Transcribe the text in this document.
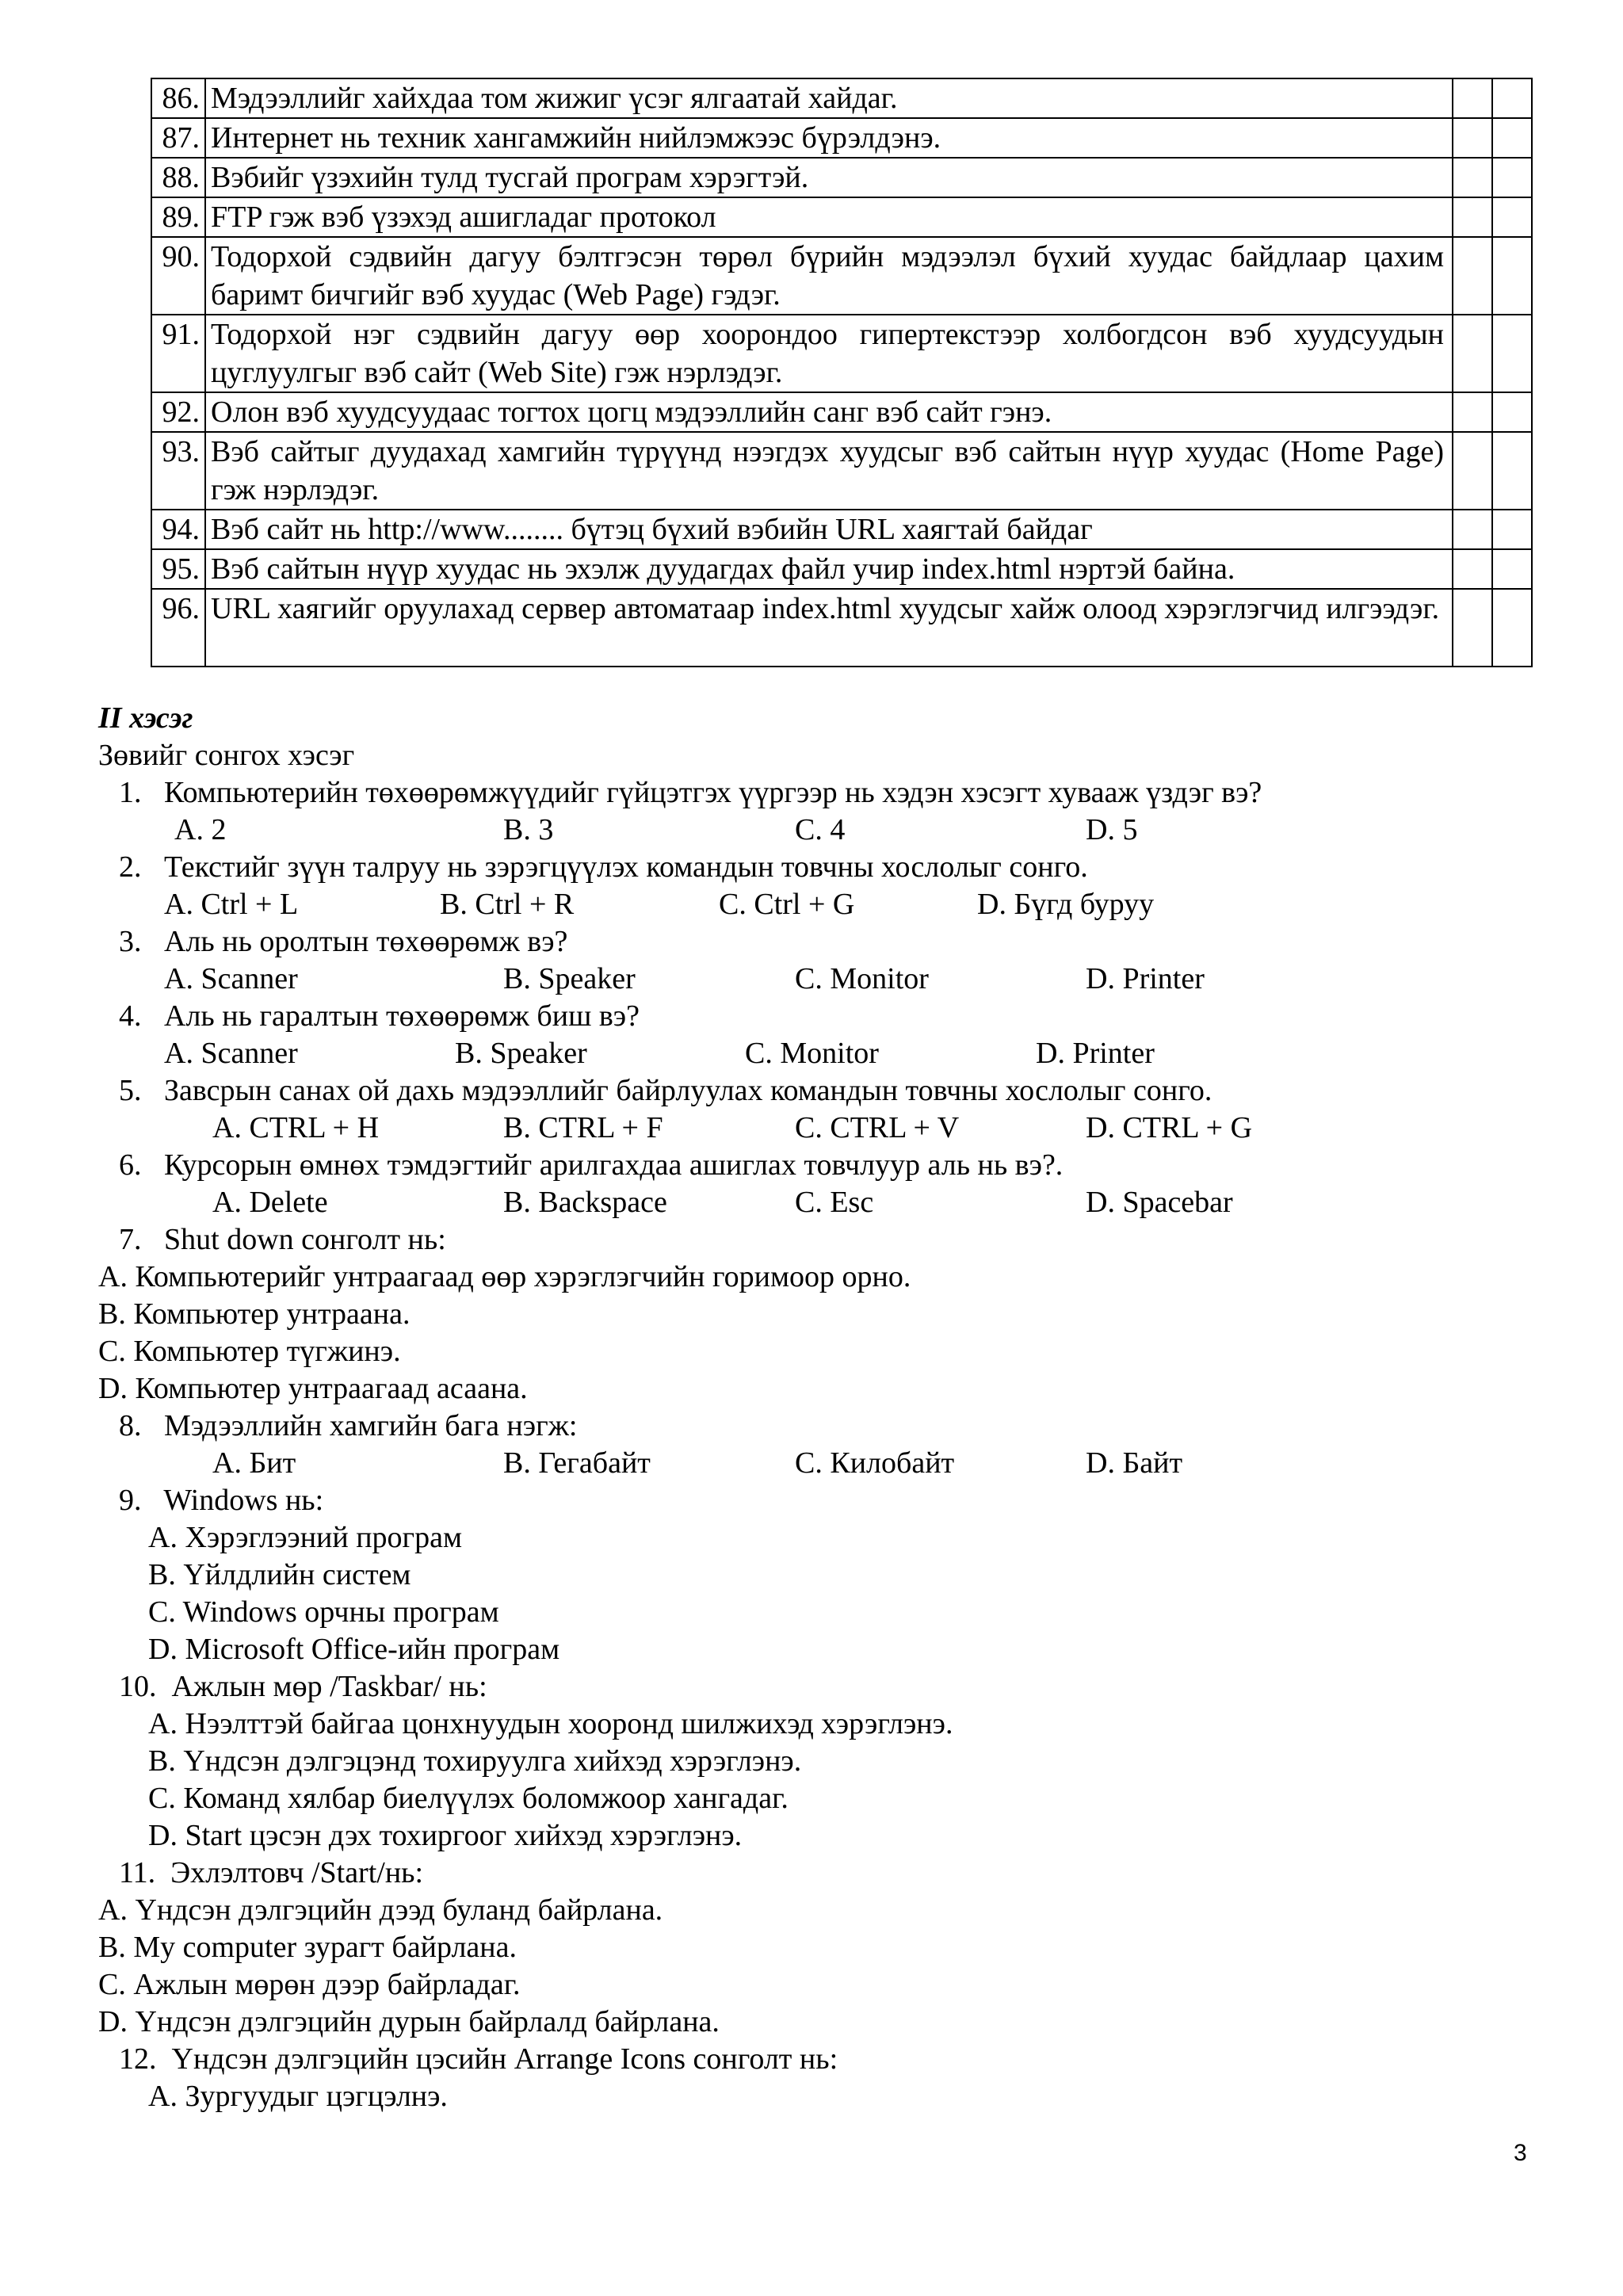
86.	Мэдээллийг хайхдаа том жижиг үсэг ялгаатай хайдаг.		
87.	Интернет нь техник хангамжийн нийлэмжээс бүрэлдэнэ.		
88.	Вэбийг үзэхийн тулд тусгай програм хэрэгтэй.		
89.	FTP гэж вэб үзэхэд ашигладаг протокол		
90.	Тодорхой сэдвийн дагуу бэлтгэсэн төрөл бүрийн мэдээлэл бүхий хуудас байдлаар цахим баримт бичгийг вэб хуудас (Web Page) гэдэг.		
91.	Тодорхой нэг сэдвийн дагуу өөр хоорондоо гипертекстээр холбогдсон вэб хуудсуудын цуглуулгыг вэб сайт (Web Site) гэж нэрлэдэг.		
92.	Олон вэб хуудсуудаас тогтох цогц мэдээллийн санг вэб сайт гэнэ.		
93.	Вэб сайтыг дуудахад хамгийн түрүүнд нээгдэх хуудсыг вэб сайтын нүүр хуудас (Home Page) гэж нэрлэдэг.		
94.	Вэб сайт нь http://www........ бүтэц бүхий вэбийн URL хаягтай байдаг		
95.	Вэб сайтын нүүр хуудас нь эхэлж дуудагдах файл учир index.html нэртэй байна.		
96.	URL хаягийг оруулахад сервер автоматаар index.html хуудсыг хайж олоод хэрэглэгчид илгээдэг.		
II хэсэг
Зөвийг сонгох хэсэг
1. Компьютерийн төхөөрөмжүүдийг гүйцэтгэх үүргээр нь хэдэн хэсэгт хувааж үздэг вэ?
A. 2	B. 3	C. 4	D. 5
2. Текстийг зүүн талруу нь зэрэгцүүлэх командын товчны хослолыг сонго.
A. Ctrl + L	B. Ctrl + R	C. Ctrl + G	D. Бүгд буруу
3. Аль нь оролтын төхөөрөмж вэ?
A. Scanner	B. Speaker	C. Monitor	D. Printer
4. Аль нь гаралтын төхөөрөмж биш вэ?
A. Scanner	B. Speaker	C. Monitor	D. Printer
5. Завсрын санах ой дахь мэдээллийг байрлуулах командын товчны хослолыг сонго.
A. CTRL + H	B. CTRL + F	C. CTRL + V	D. CTRL + G
6. Курсорын өмнөх тэмдэгтийг арилгахдаа ашиглах товчлуур аль нь вэ?.
A. Delete	B. Backspace	C. Esc	D. Spacebar
7. Shut down сонголт нь:
A. Компьютерийг унтраагаад өөр хэрэглэгчийн горимоор орно.
B. Компьютер унтраана.
C. Компьютер түгжинэ.
D. Компьютер унтраагаад асаана.
8. Мэдээллийн хамгийн бага нэгж:
A. Бит	B. Гегабайт	C. Килобайт	D. Байт
9. Windows нь:
A. Хэрэглээний програм
B. Үйлдлийн систем
C. Windows орчны програм
D. Microsoft Office-ийн програм
10. Ажлын мөр /Taskbar/ нь:
A. Нээлттэй байгаа цонхнуудын хооронд шилжихэд хэрэглэнэ.
B. Үндсэн дэлгэцэнд тохируулга хийхэд хэрэглэнэ.
C. Команд хялбар биелүүлэх боломжоор хангадаг.
D. Start цэсэн дэх тохиргоог хийхэд хэрэглэнэ.
11. Эхлэлтовч /Start/нь:
A. Үндсэн дэлгэцийн дээд буланд байрлана.
B. My computer зурагт байрлана.
C. Ажлын мөрөн дээр байрладаг.
D. Үндсэн дэлгэцийн дурын байрлалд байрлана.
12. Үндсэн дэлгэцийн цэсийн Arrange Icons сонголт нь:
A. Зургуудыг цэгцэлнэ.
3
